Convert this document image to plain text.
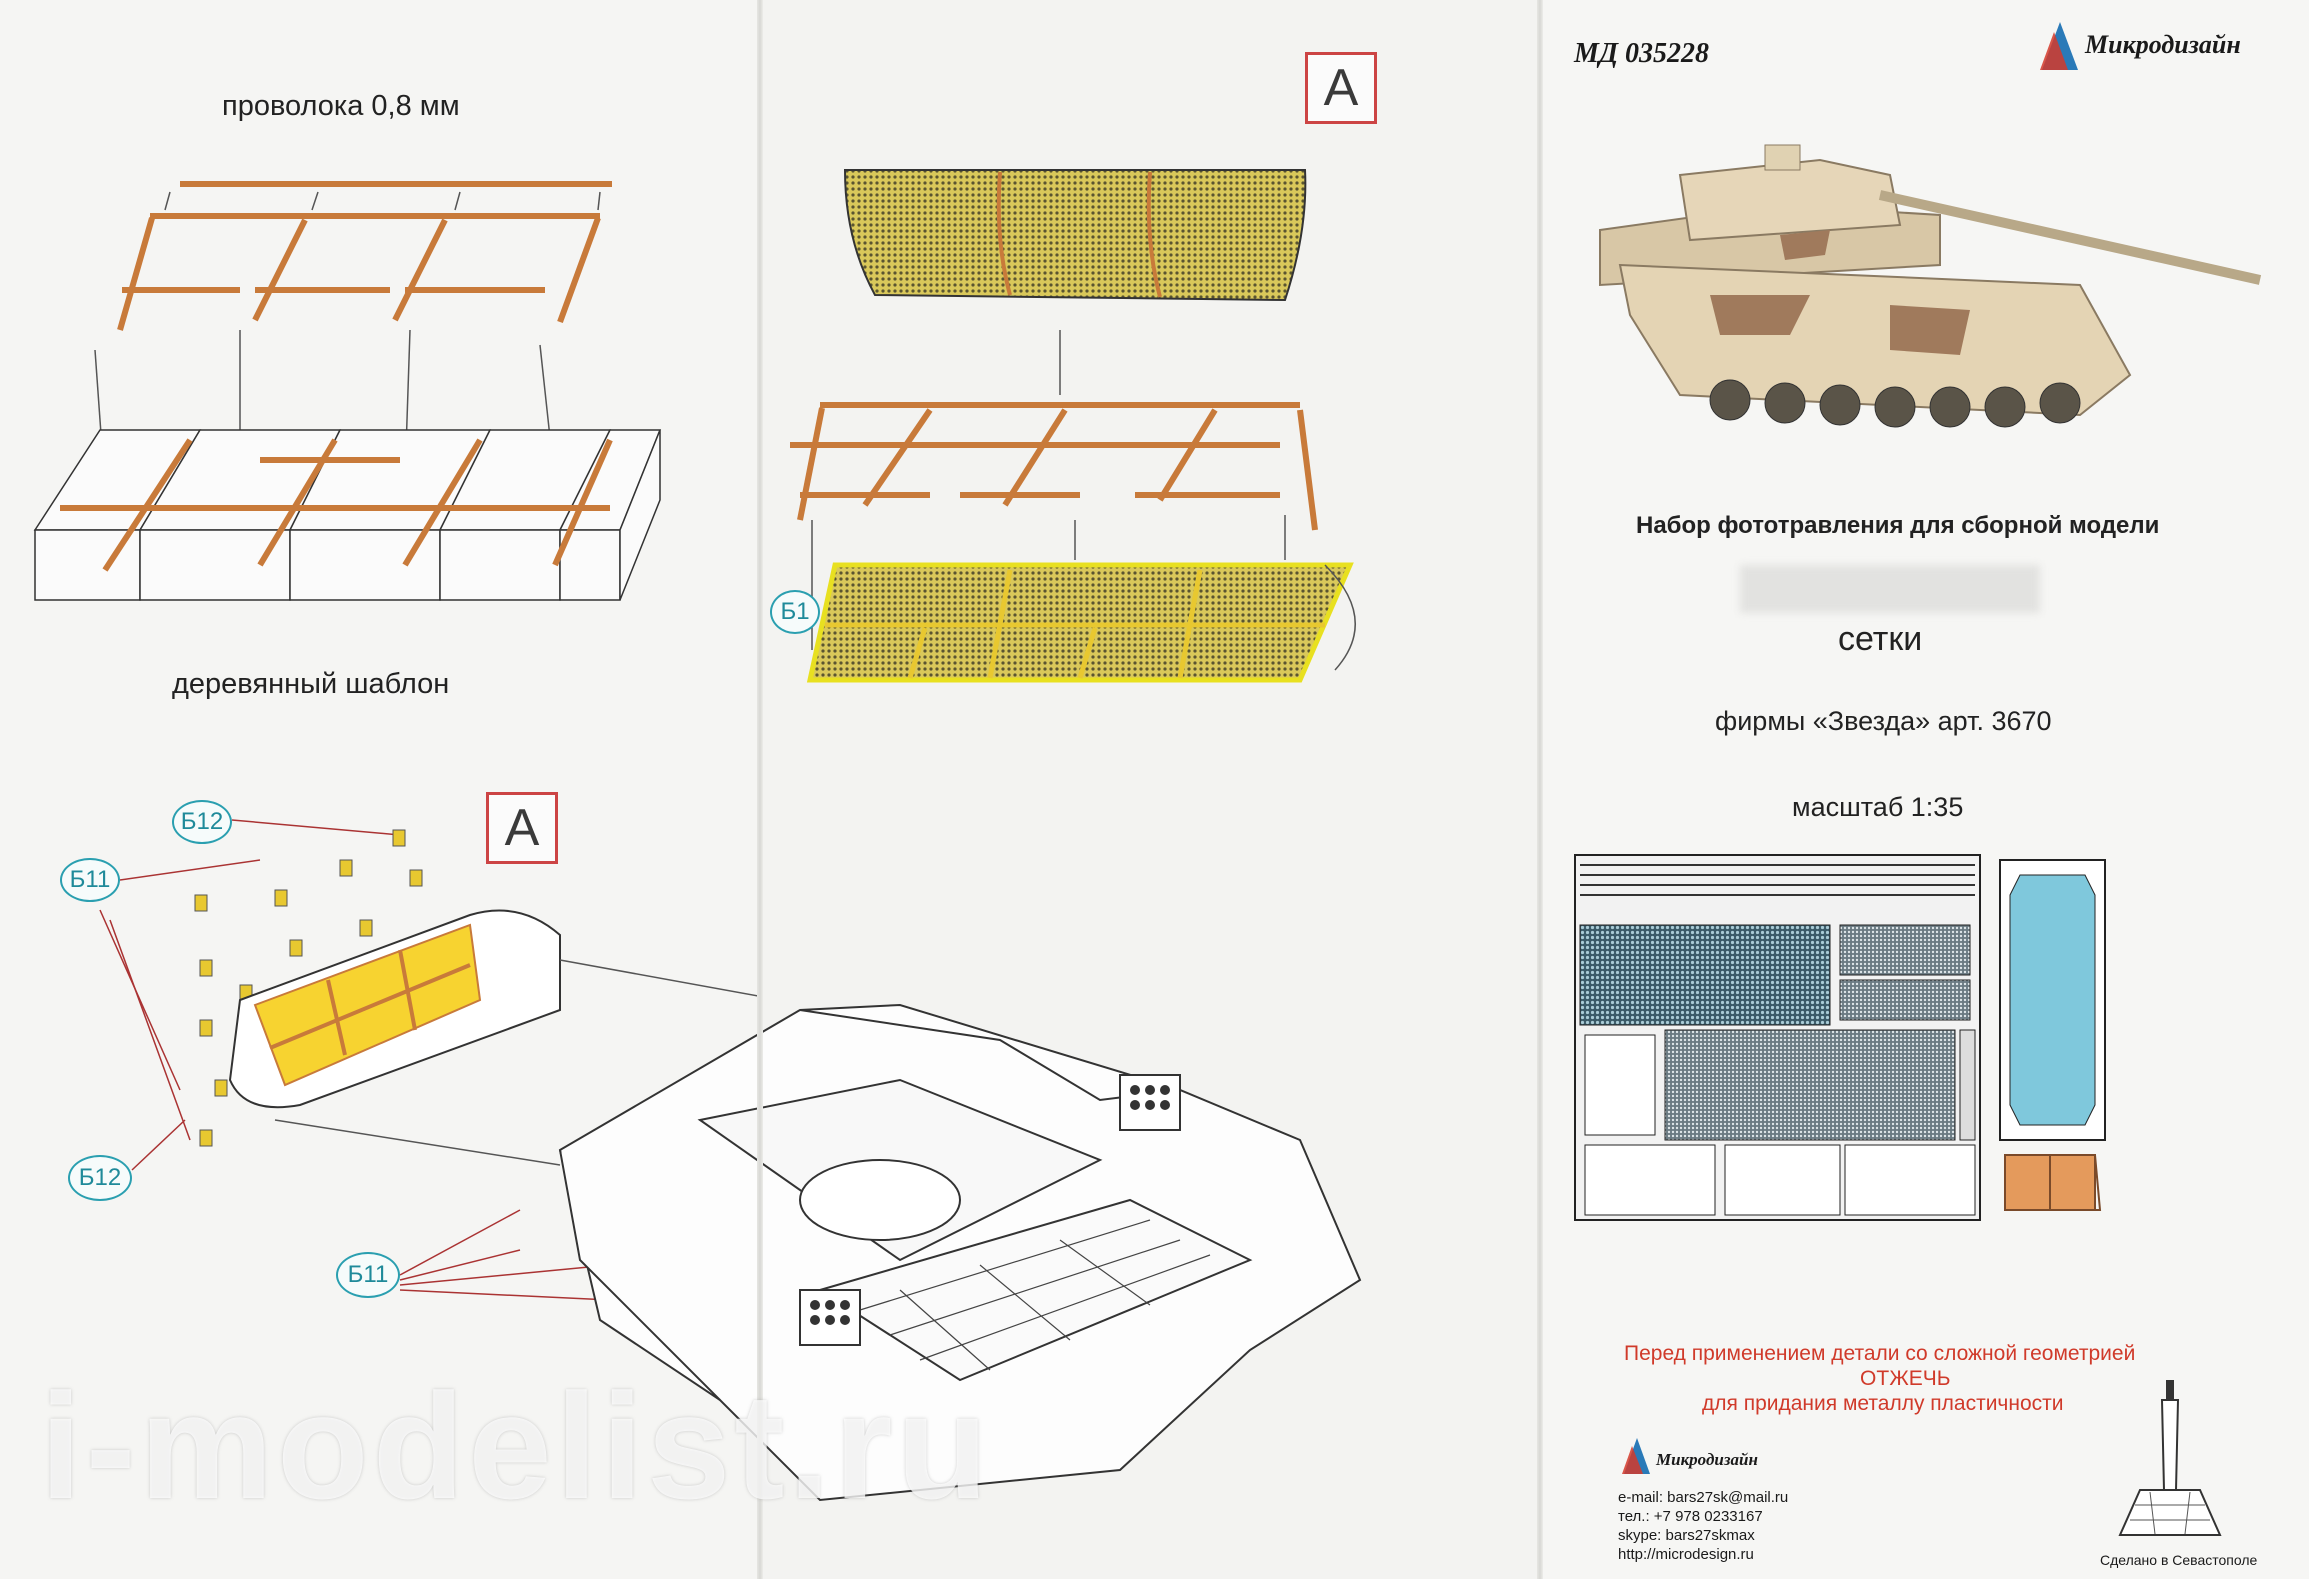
проволока 0,8 мм
деревянный шаблон
А
Б12
Б11
Б12
Б11
А
Б1
МД 035228	Микродизайн
Набор фототравления для сборной модели
сетки
фирмы «Звезда» арт. 3670
масштаб 1:35
Перед применением детали со сложной геометрией
ОТЖЕЧЬ
для придания металлу пластичности
Микродизайн
e-mail: bars27sk@mail.ru
тел.: +7 978 0233167
skype: bars27skmax
http://microdesign.ru	Сделано в Севастополе
i-modelist.ru
